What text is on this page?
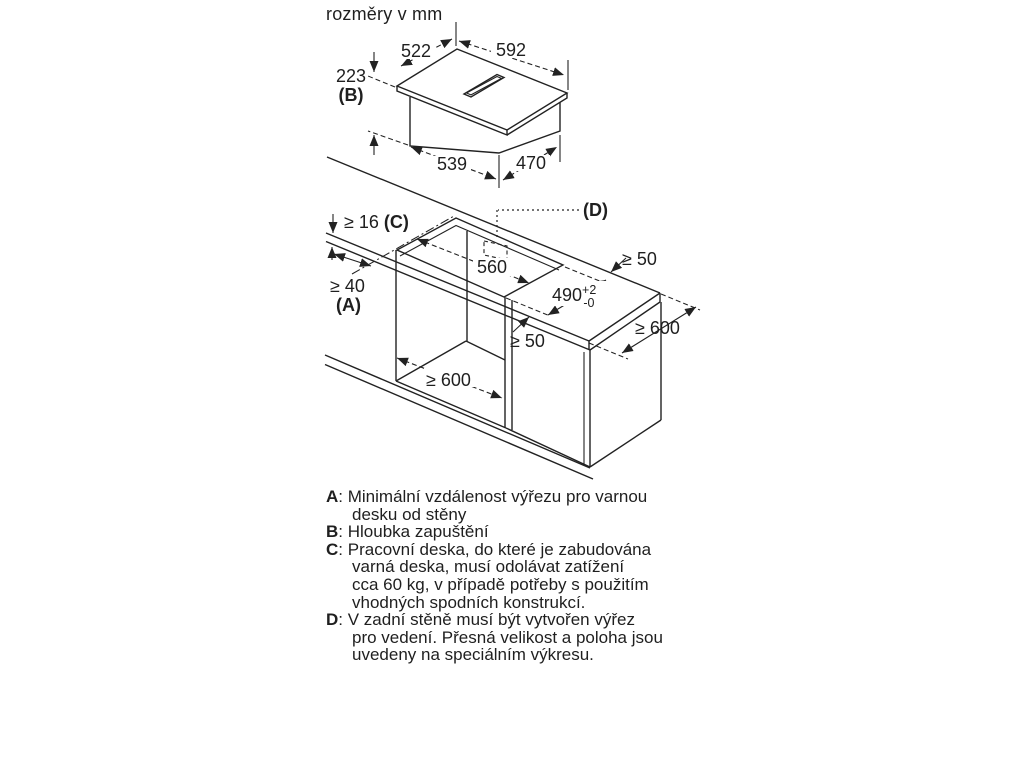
rozměry v mm
522	592
223
(B)
539	470
≥ 16 (C)
≥ 40
(A)
(D)
560
$490^{+2}$ -0
≥ 50
≥ 50
≥ 600
≥ 600
A: Minimální vzdálenost výřezu pro varnou
desku od stěny
B: Hloubka zapuštění
C: Pracovní deska, do které je zabudována
varná deska, musí odolávat zatížení
cca 60 kg, v případě potřeby s použitím
vhodných spodních konstrukcí.
D: V zadní stěně musí být vytvořen výřez
pro vedení. Přesná velikost a poloha jsou
uvedeny na speciálním výkresu.
